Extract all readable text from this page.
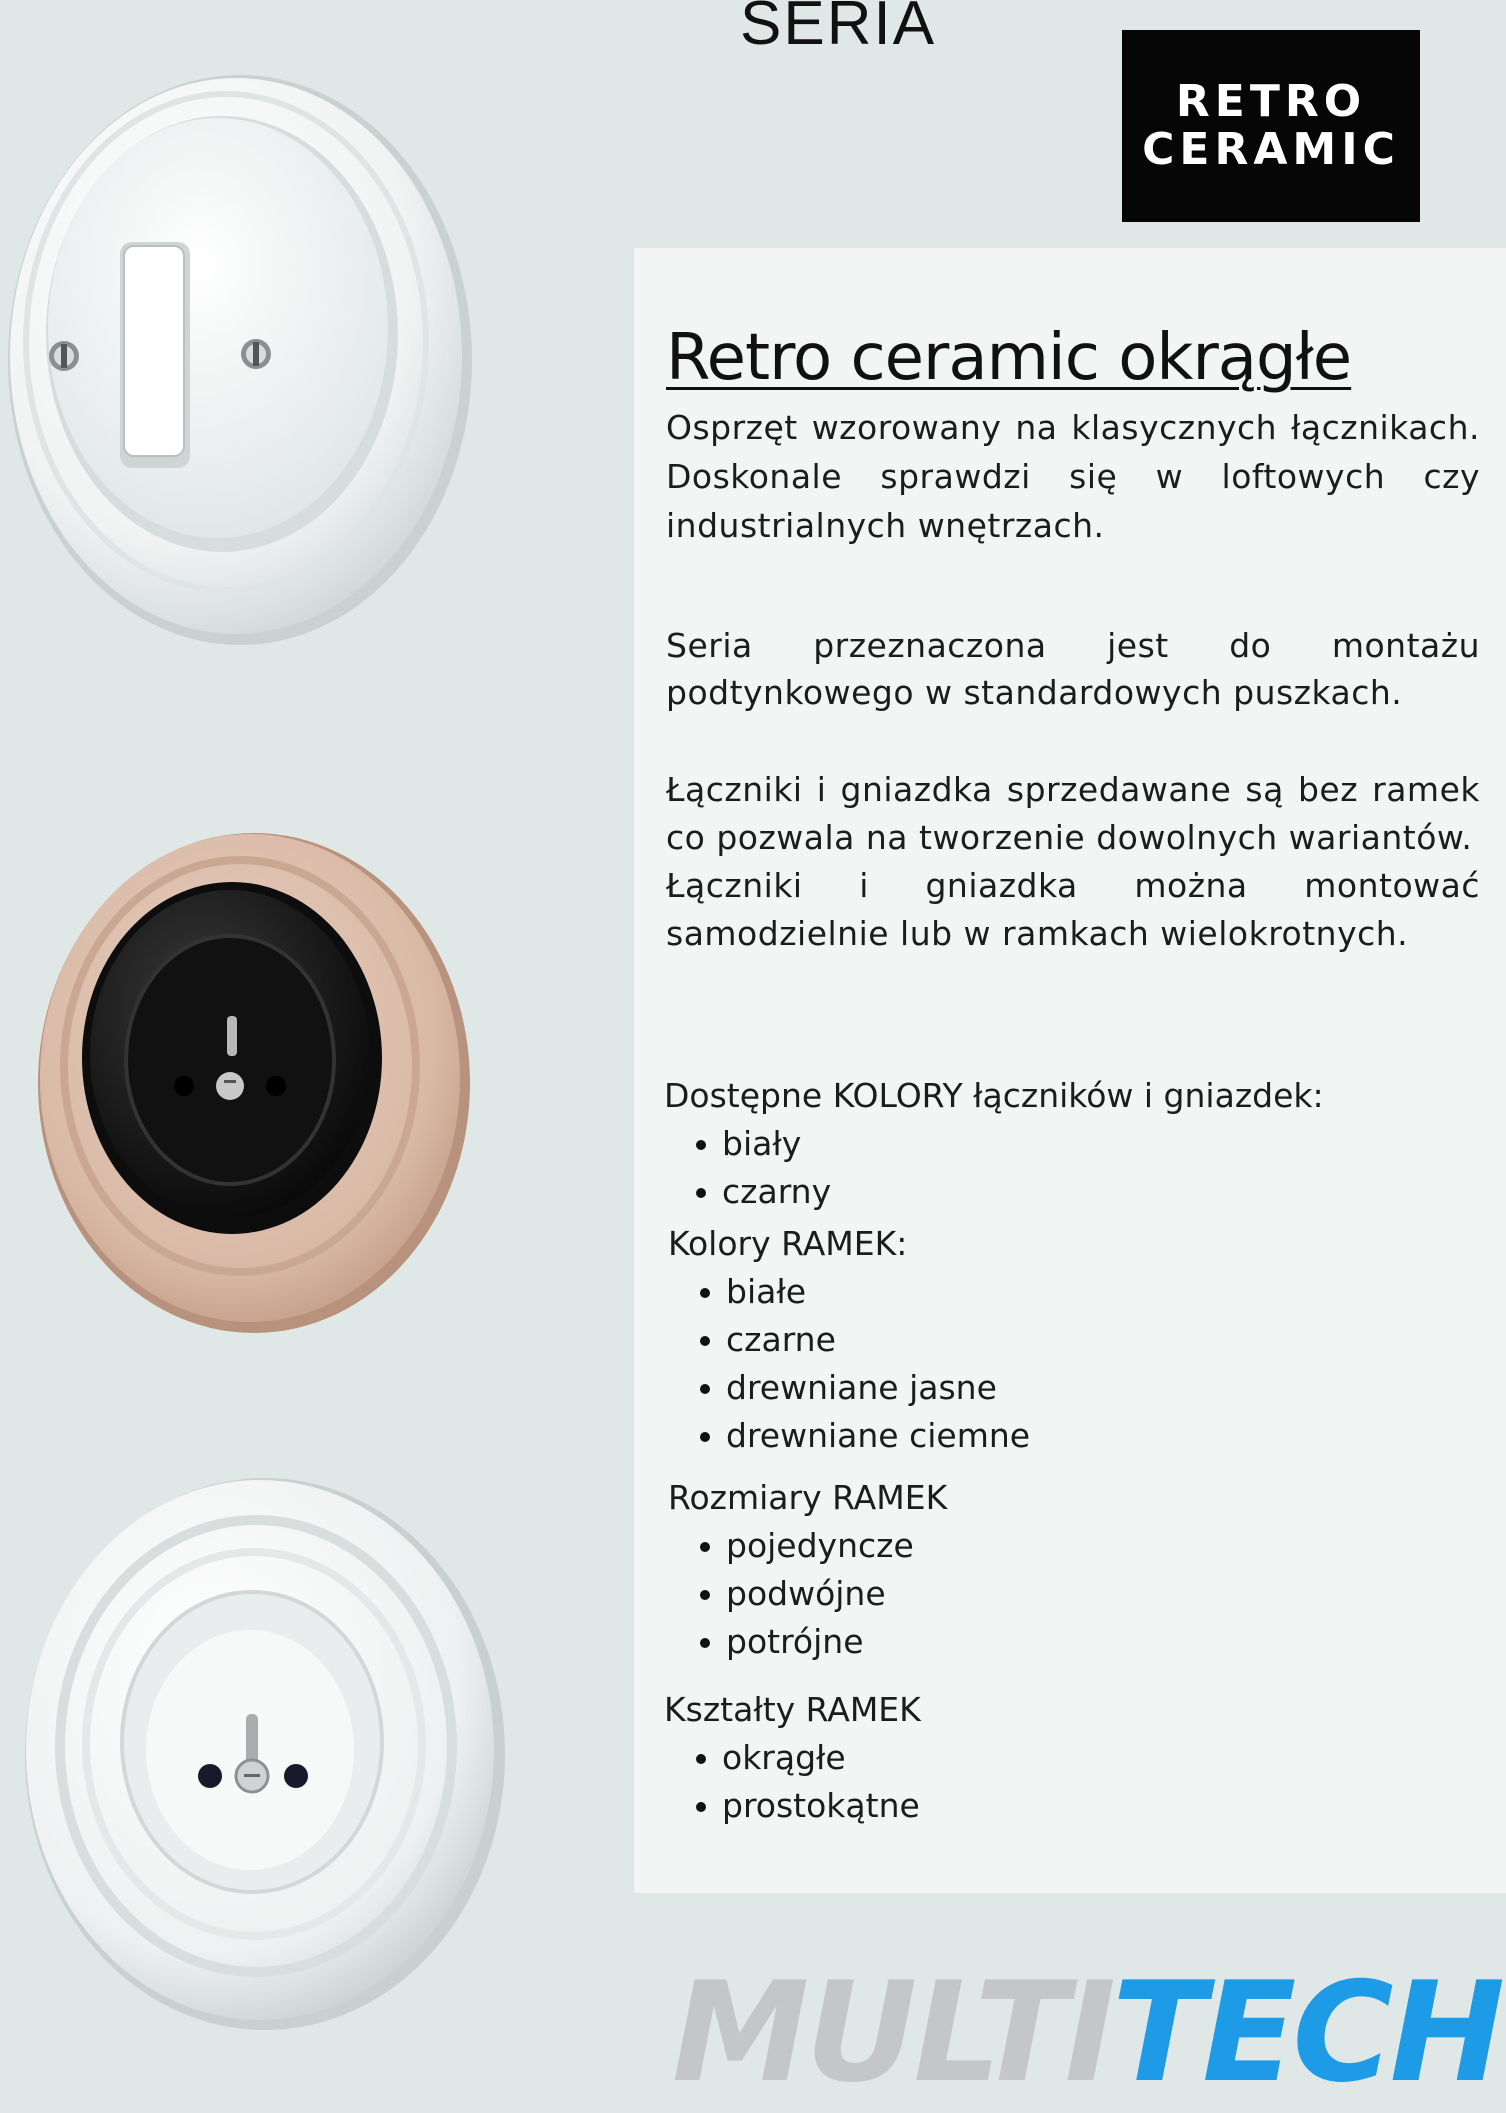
SERIA
RETRO
CERAMIC
Retro ceramic okrągłe
Osprzęt wzorowany na klasycznych łącznikach. Doskonale sprawdzi się w loftowych czy industrialnych wnętrzach.
Seria przeznaczona jest do montażu podtynkowego w standardowych puszkach.
Łączniki i gniazdka sprzedawane są bez ramek co pozwala na tworzenie dowolnych wariantów.
Łączniki i gniazdka można montować samodzielnie lub w ramkach wielokrotnych.
Dostępne KOLORY łączników i gniazdek:
biały
czarny
Kolory RAMEK:
białe
czarne
drewniane jasne
drewniane ciemne
Rozmiary RAMEK
pojedyncze
podwójne
potrójne
Kształty RAMEK
okrągłe
prostokątne
MULTI TECH
